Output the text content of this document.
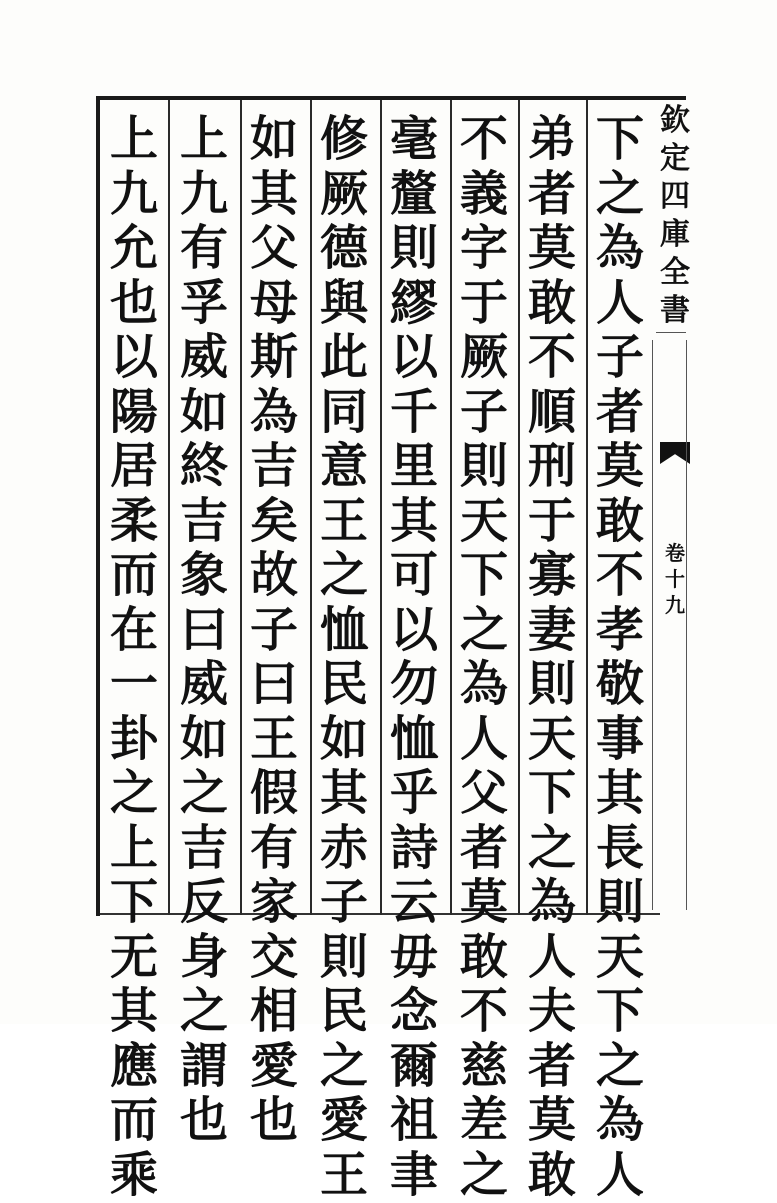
欽
定
四
庫
全
書
卷
十
九
下
之
為
人
子
者
莫
敢
不
孝
敬
事
其
長
則
天
下
之
為
人
弟
者
莫
敢
不
順
刑
于
寡
妻
則
天
下
之
為
人
夫
者
莫
敢
不
義
字
于
厥
子
則
天
下
之
為
人
父
者
莫
敢
不
慈
差
之
毫
釐
則
繆
以
千
里
其
可
以
勿
恤
乎
詩
云
毋
念
爾
祖
聿
修
厥
德
與
此
同
意
王
之
恤
民
如
其
赤
子
則
民
之
愛
王
如
其
父
母
斯
為
吉
矣
故
子
曰
王
假
有
家
交
相
愛
也
上
九
有
孚
威
如
終
吉
象
曰
威
如
之
吉
反
身
之
謂
也
上
九
允
也
以
陽
居
柔
而
在
一
卦
之
上
下
无
其
應
而
乘
